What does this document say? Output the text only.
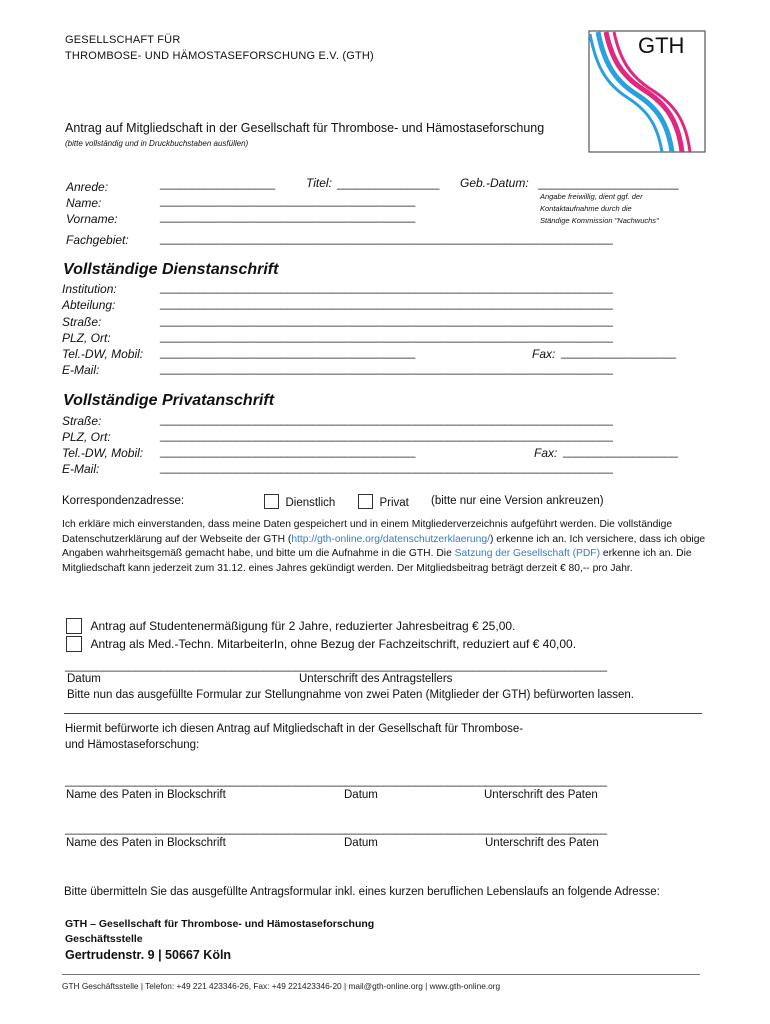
GESELLSCHAFT FÜR
THROMBOSE- UND HÄMOSTASEFORSCHUNG E.V. (GTH)	GTH
Antrag auf Mitgliedschaft in der Gesellschaft für Thrombose- und Hämostaseforschung
(bitte vollständig und in Druckbuchstaben ausfüllen)
Anrede:	__________________	Titel: ________________ Geb.-Datum: ______________________
Name:	________________________________________	Angabe freiwillig, dient ggf. der
Kontaktaufnahme durch die
Ständige Kommission "Nachwuchs"
Vorname:	________________________________________
Fachgebiet:	_______________________________________________________________________
Vollständige Dienstanschrift
Institution:	_______________________________________________________________________
Abteilung:	_______________________________________________________________________
Straße:	_______________________________________________________________________
PLZ, Ort:	_______________________________________________________________________
Tel.-DW, Mobil: ________________________________________	Fax: __________________
E-Mail:	_______________________________________________________________________
Vollständige Privatanschrift
Straße:	_______________________________________________________________________
PLZ, Ort:	_______________________________________________________________________
Tel.-DW, Mobil: ________________________________________	Fax: __________________
E-Mail:	_______________________________________________________________________
Korrespondenzadresse:	Dienstlich	Privat (bitte nur eine Version ankreuzen)
Ich erkläre mich einverstanden, dass meine Daten gespeichert und in einem Mitgliederverzeichnis aufgeführt werden. Die vollständige Datenschutzerklärung auf der Webseite der GTH (http://gth-online.org/datenschutzerklaerung/) erkenne ich an. Ich versichere, dass ich obige Angaben wahrheitsgemäß gemacht habe, und bitte um die Aufnahme in die GTH. Die Satzung der Gesellschaft (PDF) erkenne ich an. Die Mitgliedschaft kann jederzeit zum 31.12. eines Jahres gekündigt werden. Der Mitgliedsbeitrag beträgt derzeit € 80,-- pro Jahr.
Antrag auf Studentenermäßigung für 2 Jahre, reduzierter Jahresbeitrag € 25,00.
Antrag als Med.-Techn. MitarbeiterIn, ohne Bezug der Fachzeitschrift, reduziert auf € 40,00.
_____________________________________________________________________________________
Datum	Unterschrift des Antragstellers
Bitte nun das ausgefüllte Formular zur Stellungnahme von zwei Paten (Mitglieder der GTH) befürworten lassen.
Hiermit befürworte ich diesen Antrag auf Mitgliedschaft in der Gesellschaft für Thrombose-
und Hämostaseforschung:
_____________________________________________________________________________________
Name des Paten in Blockschrift	Datum	Unterschrift des Paten
_____________________________________________________________________________________
Name des Paten in Blockschrift	Datum	Unterschrift des Paten
Bitte übermitteln Sie das ausgefüllte Antragsformular inkl. eines kurzen beruflichen Lebenslaufs an folgende Adresse:
GTH – Gesellschaft für Thrombose- und Hämostaseforschung
Geschäftsstelle
Gertrudenstr. 9 | 50667 Köln
GTH Geschäftsstelle | Telefon: +49 221 423346-26, Fax: +49 221423346-20 | mail@gth-online.org | www.gth-online.org
